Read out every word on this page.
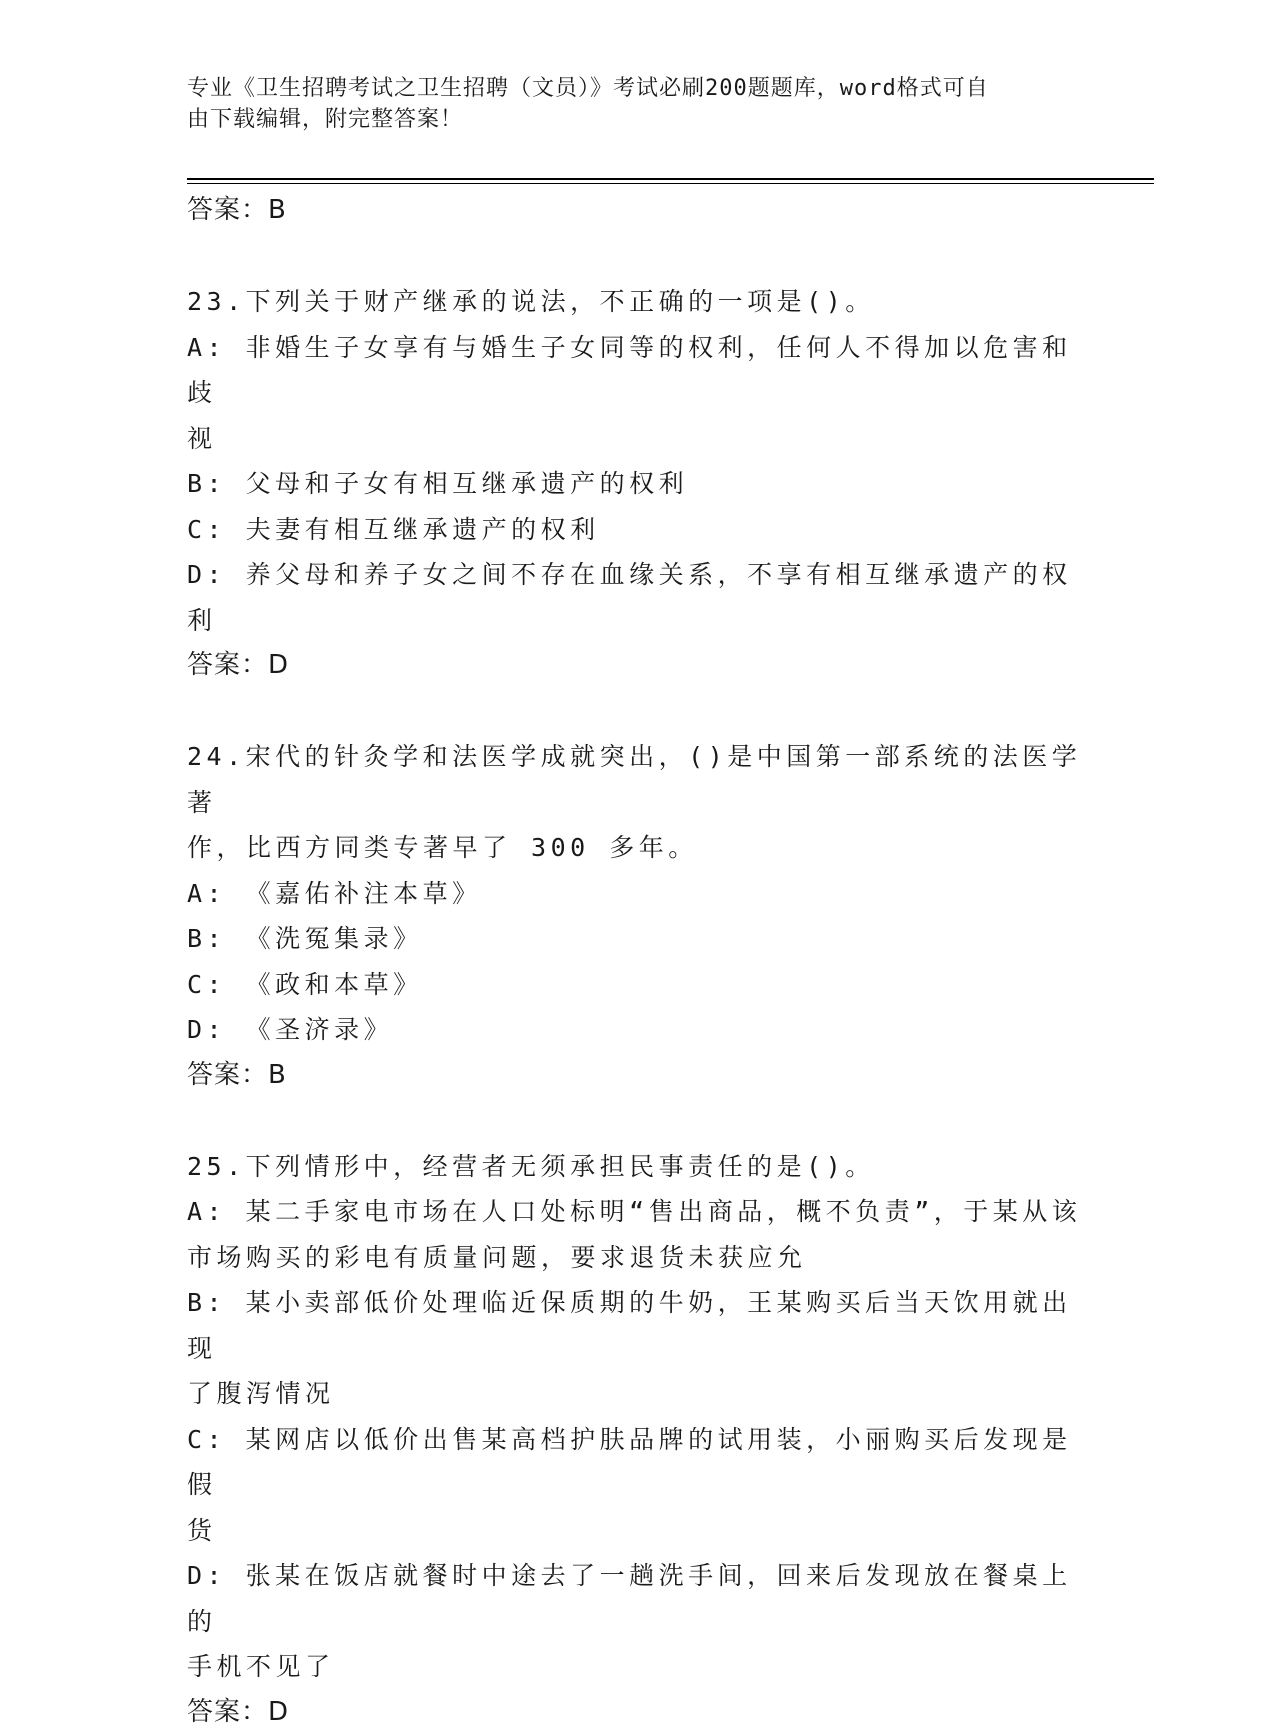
专业《卫生招聘考试之卫生招聘（文员）》考试必刷200题题库，word格式可自
由下载编辑，附完整答案！

答案：B

23.下列关于财产继承的说法，不正确的一项是()。

A: 非婚生子女享有与婚生子女同等的权利，任何人不得加以危害和歧

视

B: 父母和子女有相互继承遗产的权利

C: 夫妻有相互继承遗产的权利

D: 养父母和养子女之间不存在血缘关系，不享有相互继承遗产的权利

答案：D

24.宋代的针灸学和法医学成就突出，()是中国第一部系统的法医学著

作，比西方同类专著早了 300 多年。

A: 《嘉佑补注本草》

B: 《洗冤集录》

C: 《政和本草》

D: 《圣济录》

答案：B

25.下列情形中，经营者无须承担民事责任的是()。

A: 某二手家电市场在人口处标明“售出商品，概不负责”，于某从该

市场购买的彩电有质量问题，要求退货未获应允

B: 某小卖部低价处理临近保质期的牛奶，王某购买后当天饮用就出现

了腹泻情况

C: 某网店以低价出售某高档护肤品牌的试用装，小丽购买后发现是假

货

D: 张某在饭店就餐时中途去了一趟洗手间，回来后发现放在餐桌上的

手机不见了

答案：D
